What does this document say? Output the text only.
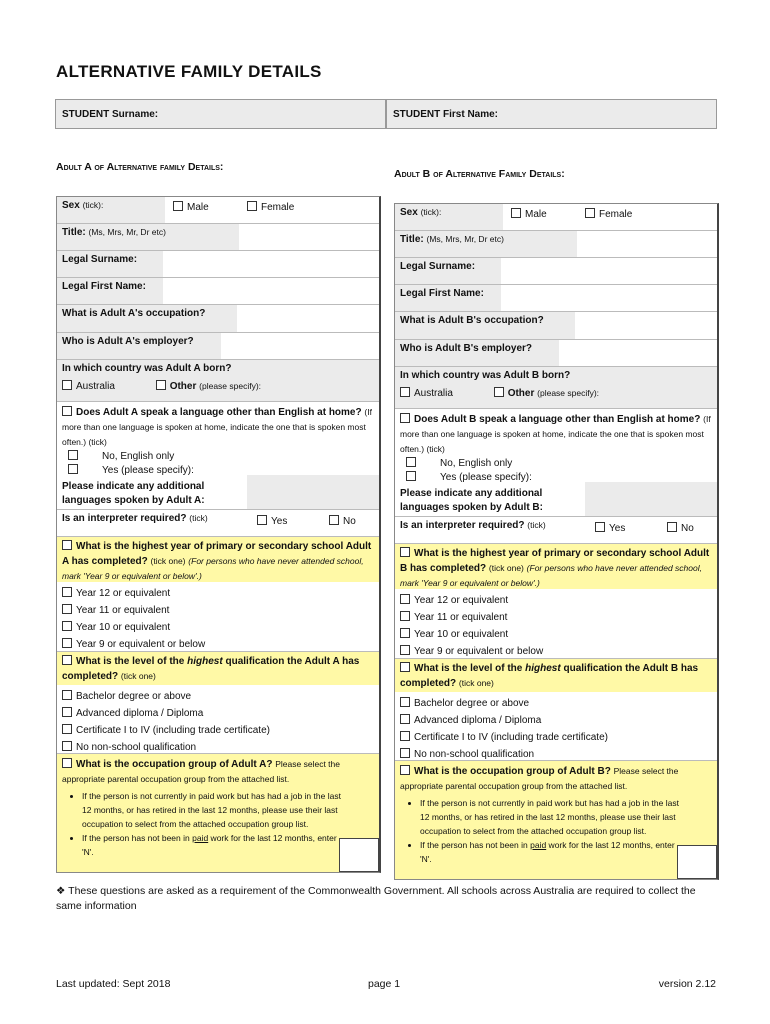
ALTERNATIVE FAMILY DETAILS
STUDENT Surname:	STUDENT First Name:
Adult A of Alternative family Details:
Adult B of Alternative Family Details:
Sex (tick):	Male	Female
Title: (Ms, Mrs, Mr, Dr etc)
Legal Surname:
Legal First Name:
What is Adult A's occupation?
Who is Adult A's employer?
In which country was Adult A born?
Australia	Other (please specify):
Does Adult A speak a language other than English at home? (If more than one language is spoken at home, indicate the one that is spoken most often.) (tick)
No, English only
Yes (please specify):
Please indicate any additional languages spoken by Adult A:
Is an interpreter required? (tick)	Yes	No
What is the highest year of primary or secondary school Adult A has completed? (tick one) (For persons who have never attended school, mark 'Year 9 or equivalent or below'.)
Year 12 or equivalent
Year 11 or equivalent
Year 10 or equivalent
Year 9 or equivalent or below
What is the level of the highest qualification the Adult A has completed? (tick one)
Bachelor degree or above
Advanced diploma / Diploma
Certificate I to IV (including trade certificate)
No non-school qualification
What is the occupation group of Adult A? Please select the appropriate parental occupation group from the attached list.
• If the person is not currently in paid work but has had a job in the last 12 months, or has retired in the last 12 months, please use their last occupation to select from the attached occupation group list.
• If the person has not been in paid work for the last 12 months, enter 'N'.
Sex (tick):	Male	Female
Title: (Ms, Mrs, Mr, Dr etc)
Legal Surname:
Legal First Name:
What is Adult B's occupation?
Who is Adult B's employer?
In which country was Adult B born?
Australia	Other (please specify):
Does Adult B speak a language other than English at home? (If more than one language is spoken at home, indicate the one that is spoken most often.) (tick)
No, English only
Yes (please specify):
Please indicate any additional languages spoken by Adult B:
Is an interpreter required? (tick)	Yes	No
What is the highest year of primary or secondary school Adult B has completed? (tick one) (For persons who have never attended school, mark 'Year 9 or equivalent or below'.)
Year 12 or equivalent
Year 11 or equivalent
Year 10 or equivalent
Year 9 or equivalent or below
What is the level of the highest qualification the Adult B has completed? (tick one)
Bachelor degree or above
Advanced diploma / Diploma
Certificate I to IV (including trade certificate)
No non-school qualification
What is the occupation group of Adult B? Please select the appropriate parental occupation group from the attached list.
• If the person is not currently in paid work but has had a job in the last 12 months, or has retired in the last 12 months, please use their last occupation to select from the attached occupation group list.
• If the person has not been in paid work for the last 12 months, enter 'N'.
❖ These questions are asked as a requirement of the Commonwealth Government. All schools across Australia are required to collect the same information
Last updated: Sept 2018	page 1	version 2.12
